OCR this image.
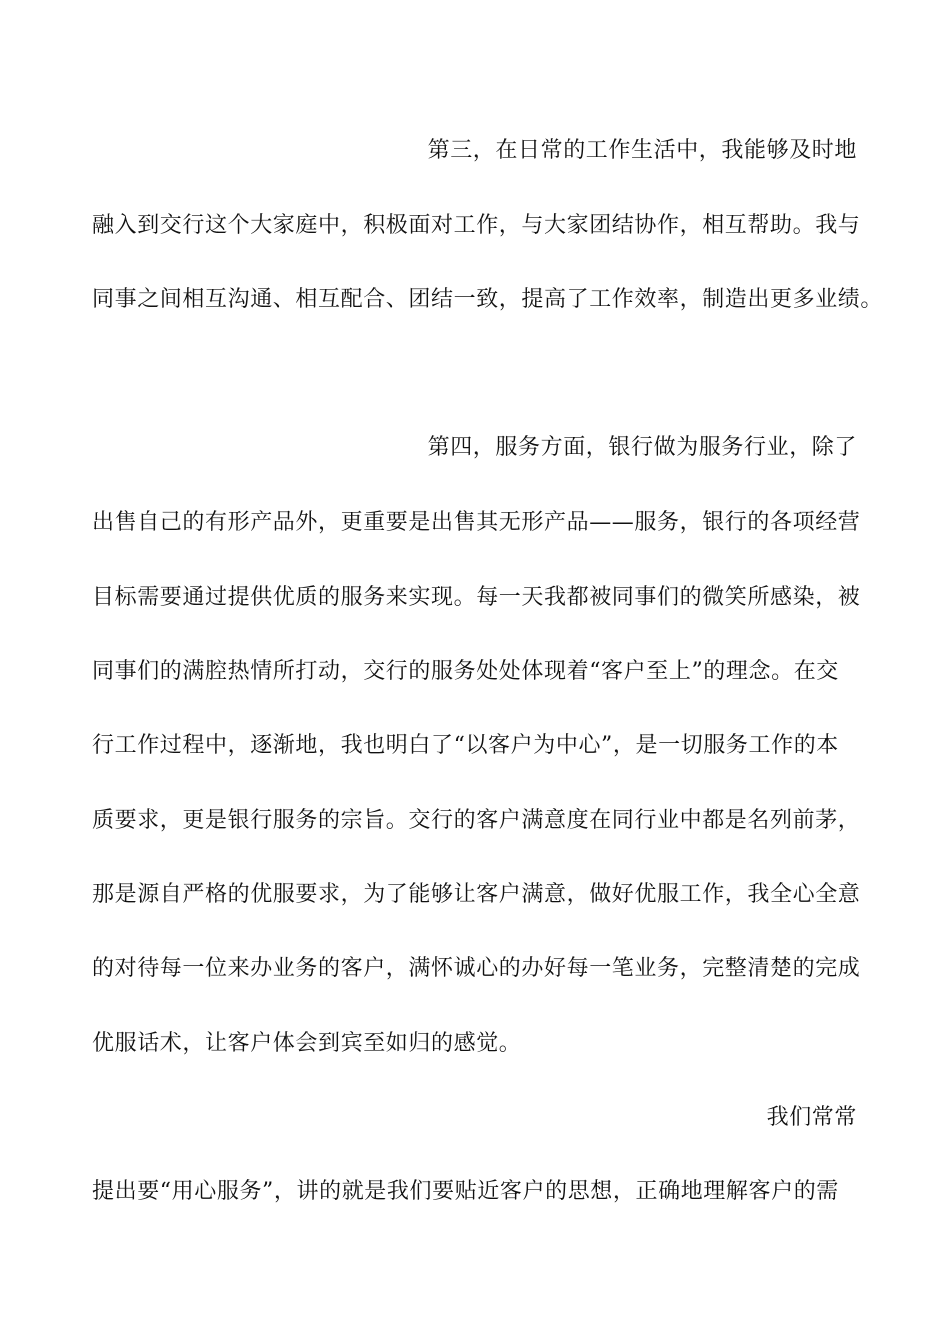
第三，在日常的工作生活中，我能够及时地
融入到交行这个大家庭中，积极面对工作，与大家团结协作，相互帮助。我与
同事之间相互沟通、相互配合、团结一致，提高了工作效率，制造出更多业绩。
第四，服务方面，银行做为服务行业，除了
出售自己的有形产品外，更重要是出售其无形产品——服务，银行的各项经营
目标需要通过提供优质的服务来实现。每一天我都被同事们的微笑所感染，被
同事们的满腔热情所打动，交行的服务处处体现着“客户至上”的理念。在交
行工作过程中，逐渐地，我也明白了“以客户为中心”，是一切服务工作的本
质要求，更是银行服务的宗旨。交行的客户满意度在同行业中都是名列前茅，
那是源自严格的优服要求，为了能够让客户满意，做好优服工作，我全心全意
的对待每一位来办业务的客户，满怀诚心的办好每一笔业务，完整清楚的完成
优服话术，让客户体会到宾至如归的感觉。
我们常常
提出要“用心服务”，讲的就是我们要贴近客户的思想，正确地理解客户的需
